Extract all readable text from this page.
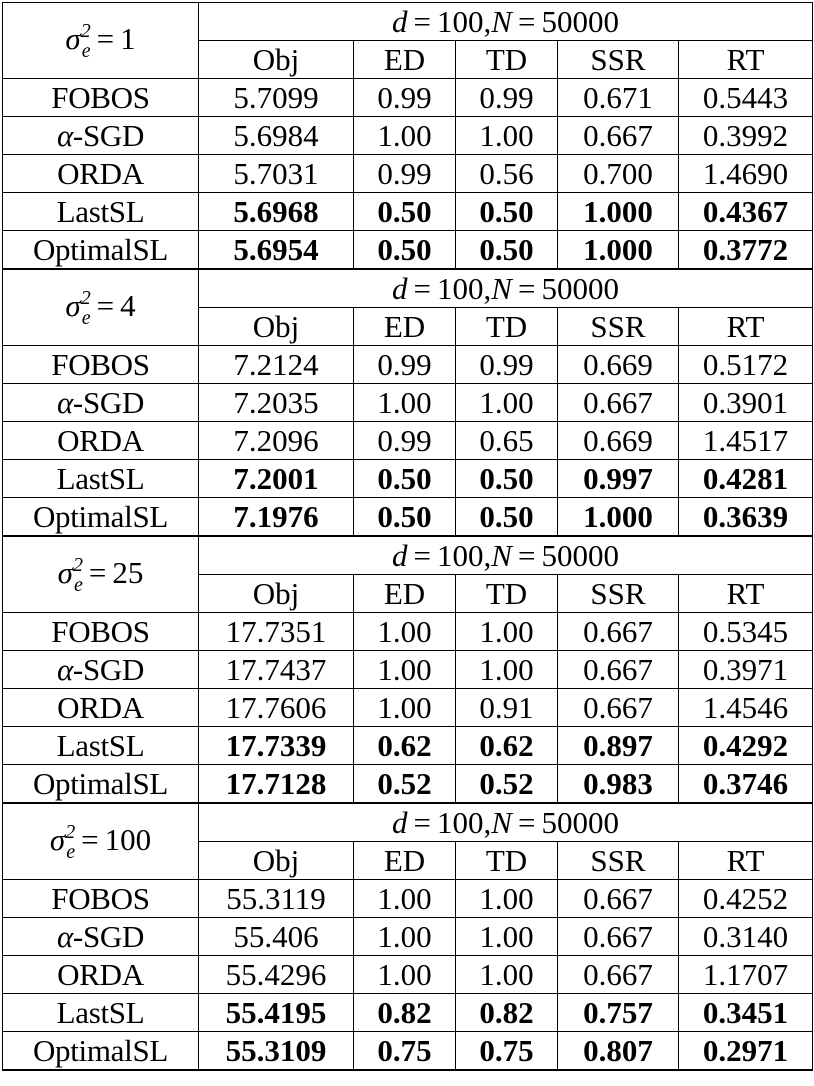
$\sigma^2_e = 1$	d = 100,N = 50000				
	Obj	ED	TD	SSR	RT
FOBOS	5.7099	0.99	0.99	0.671	0.5443
α-SGD	5.6984	1.00	1.00	0.667	0.3992
ORDA	5.7031	0.99	0.56	0.700	1.4690
LastSL	5.6968	0.50	0.50	1.000	0.4367
OptimalSL	5.6954	0.50	0.50	1.000	0.3772
$\sigma^2_e = 4$	d = 100,N = 50000				
	Obj	ED	TD	SSR	RT
FOBOS	7.2124	0.99	0.99	0.669	0.5172
α-SGD	7.2035	1.00	1.00	0.667	0.3901
ORDA	7.2096	0.99	0.65	0.669	1.4517
LastSL	7.2001	0.50	0.50	0.997	0.4281
OptimalSL	7.1976	0.50	0.50	1.000	0.3639
$\sigma^2_e = 25$	d = 100,N = 50000				
	Obj	ED	TD	SSR	RT
FOBOS	17.7351	1.00	1.00	0.667	0.5345
α-SGD	17.7437	1.00	1.00	0.667	0.3971
ORDA	17.7606	1.00	0.91	0.667	1.4546
LastSL	17.7339	0.62	0.62	0.897	0.4292
OptimalSL	17.7128	0.52	0.52	0.983	0.3746
$\sigma^2_e = 100$	d = 100,N = 50000				
	Obj	ED	TD	SSR	RT
FOBOS	55.3119	1.00	1.00	0.667	0.4252
α-SGD	55.406	1.00	1.00	0.667	0.3140
ORDA	55.4296	1.00	1.00	0.667	1.1707
LastSL	55.4195	0.82	0.82	0.757	0.3451
OptimalSL	55.3109	0.75	0.75	0.807	0.2971
